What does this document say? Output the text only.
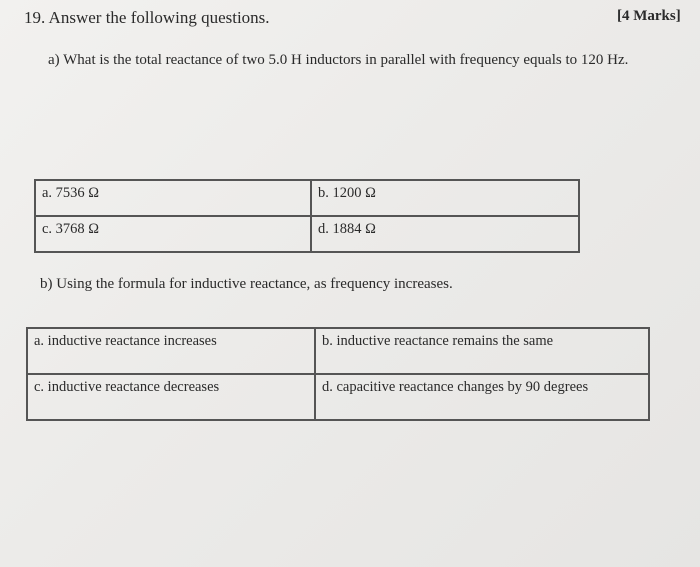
19. Answer the following questions.	[4 Marks]
a) What is the total reactance of two 5.0 H inductors in parallel with frequency equals to 120 Hz.
a. 7536 Ω	b. 1200 Ω
c. 3768 Ω	d. 1884 Ω
b) Using the formula for inductive reactance, as frequency increases.
a. inductive reactance increases	b. inductive reactance remains the same
c. inductive reactance decreases	d. capacitive reactance changes by 90 degrees
